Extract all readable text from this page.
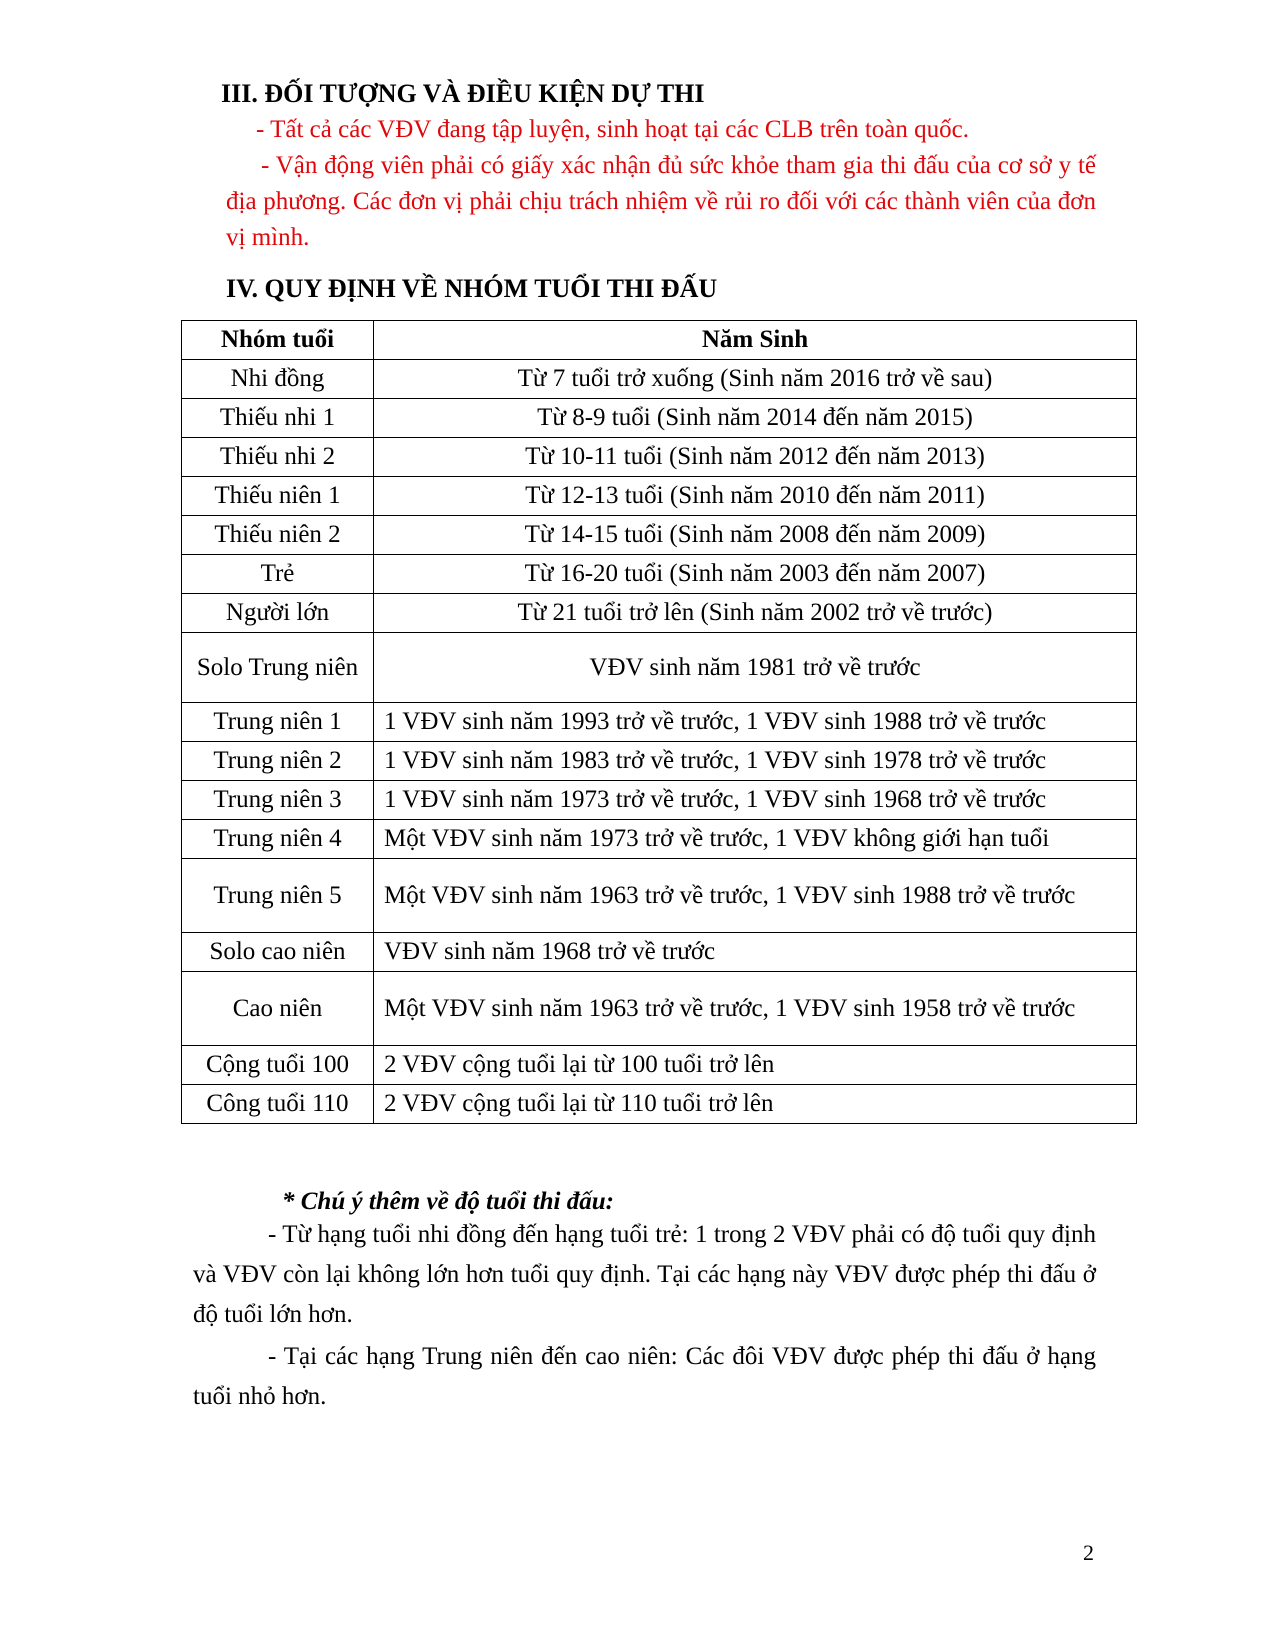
III. ĐỐI TƯỢNG VÀ ĐIỀU KIỆN DỰ THI
- Tất cả các VĐV đang tập luyện, sinh hoạt tại các CLB trên toàn quốc.
- Vận động viên phải có giấy xác nhận đủ sức khỏe tham gia thi đấu của cơ sở y tế địa phương. Các đơn vị phải chịu trách nhiệm về rủi ro đối với các thành viên của đơn vị mình.
IV. QUY ĐỊNH VỀ NHÓM TUỔI THI ĐẤU
Nhóm tuổi	Năm Sinh
Nhi đồng	Từ 7 tuổi trở xuống (Sinh năm 2016 trở về sau)
Thiếu nhi 1	Từ 8-9 tuổi (Sinh năm 2014 đến năm 2015)
Thiếu nhi 2	Từ 10-11 tuổi (Sinh năm 2012 đến năm 2013)
Thiếu niên 1	Từ 12-13 tuổi (Sinh năm 2010 đến năm 2011)
Thiếu niên 2	Từ 14-15 tuổi (Sinh năm 2008 đến năm 2009)
Trẻ	Từ 16-20 tuổi (Sinh năm 2003 đến năm 2007)
Người lớn	Từ 21 tuổi trở lên (Sinh năm 2002 trở về trước)
Solo Trung niên	VĐV sinh năm 1981 trở về trước
Trung niên 1	1 VĐV sinh năm 1993 trở về trước, 1 VĐV sinh 1988 trở về trước
Trung niên 2	1 VĐV sinh năm 1983 trở về trước, 1 VĐV sinh 1978 trở về trước
Trung niên 3	1 VĐV sinh năm 1973 trở về trước, 1 VĐV sinh 1968 trở về trước
Trung niên 4	Một VĐV sinh năm 1973 trở về trước, 1 VĐV không giới hạn tuổi
Trung niên 5	Một VĐV sinh năm 1963 trở về trước, 1 VĐV sinh 1988 trở về trước
Solo cao niên	VĐV sinh năm 1968 trở về trước
Cao niên	Một VĐV sinh năm 1963 trở về trước, 1 VĐV sinh 1958 trở về trước
Cộng tuổi 100	2 VĐV cộng tuổi lại từ 100 tuổi trở lên
Công tuổi 110	2 VĐV cộng tuổi lại từ 110 tuổi trở lên
* Chú ý thêm về độ tuổi thi đấu:
- Từ hạng tuổi nhi đồng đến hạng tuổi trẻ: 1 trong 2 VĐV phải có độ tuổi quy định và VĐV còn lại không lớn hơn tuổi quy định. Tại các hạng này VĐV được phép thi đấu ở độ tuổi lớn hơn.
- Tại các hạng Trung niên đến cao niên: Các đôi VĐV được phép thi đấu ở hạng tuổi nhỏ hơn.
2
